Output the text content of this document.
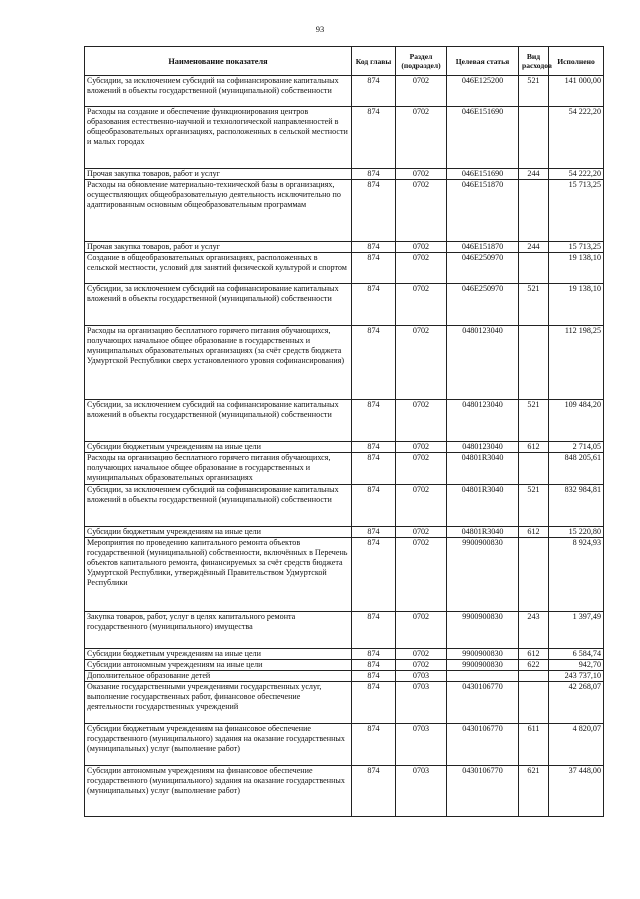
93
Наименование показателя	Код главы	Раздел (подраздел)	Целевая статья	Вид расходов	Исполнено
Субсидии, за исключением субсидий на софинансирование капитальных вложений в объекты государственной (муниципальной) собственности	874	0702	046E125200	521	141 000,00
Расходы на создание и обеспечение функционирования центров образования естественно-научной и технологической направленностей в общеобразовательных организациях, расположенных в сельской местности и малых городах	874	0702	046E151690		54 222,20
Прочая закупка товаров, работ и услуг	874	0702	046E151690	244	54 222,20
Расходы на обновление материально-технической базы в организациях, осуществляющих общеобразовательную деятельность исключительно по адаптированным основным общеобразовательным программам	874	0702	046E151870		15 713,25
Прочая закупка товаров, работ и услуг	874	0702	046E151870	244	15 713,25
Создание в общеобразовательных организациях, расположенных в сельской местности, условий для занятий физической культурой и спортом	874	0702	046E250970		19 138,10
Субсидии, за исключением субсидий на софинансирование капитальных вложений в объекты государственной (муниципальной) собственности	874	0702	046E250970	521	19 138,10
Расходы на организацию бесплатного горячего питания обучающихся, получающих начальное общее образование в государственных и муниципальных образовательных организациях (за счёт средств бюджета Удмуртской Республики сверх установленного уровня софинансирования)	874	0702	0480123040		112 198,25
Субсидии, за исключением субсидий на софинансирование капитальных вложений в объекты государственной (муниципальной) собственности	874	0702	0480123040	521	109 484,20
Субсидии бюджетным учреждениям на иные цели	874	0702	0480123040	612	2 714,05
Расходы на организацию бесплатного горячего питания обучающихся, получающих начальное общее образование в государственных и муниципальных образовательных организациях	874	0702	04801R3040		848 205,61
Субсидии, за исключением субсидий на софинансирование капитальных вложений в объекты государственной (муниципальной) собственности	874	0702	04801R3040	521	832 984,81
Субсидии бюджетным учреждениям на иные цели	874	0702	04801R3040	612	15 220,80
Мероприятия по проведению капитального ремонта объектов государственной (муниципальной) собственности, включённых в Перечень объектов капитального ремонта, финансируемых за счёт средств бюджета Удмуртской Республики, утверждённый Правительством Удмуртской Республики	874	0702	9900900830		8 924,93
Закупка товаров, работ, услуг в целях капитального ремонта государственного (муниципального) имущества	874	0702	9900900830	243	1 397,49
Субсидии бюджетным учреждениям на иные цели	874	0702	9900900830	612	6 584,74
Субсидии автономным учреждениям на иные цели	874	0702	9900900830	622	942,70
Дополнительное образование детей	874	0703			243 737,10
Оказание государственными учреждениями государственных услуг, выполнение государственных работ, финансовое обеспечение деятельности государственных учреждений	874	0703	0430106770		42 268,07
Субсидии бюджетным учреждениям на финансовое обеспечение государственного (муниципального) задания на оказание государственных (муниципальных) услуг (выполнение работ)	874	0703	0430106770	611	4 820,07
Субсидии автономным учреждениям на финансовое обеспечение государственного (муниципального) задания на оказание государственных (муниципальных) услуг (выполнение работ)	874	0703	0430106770	621	37 448,00
